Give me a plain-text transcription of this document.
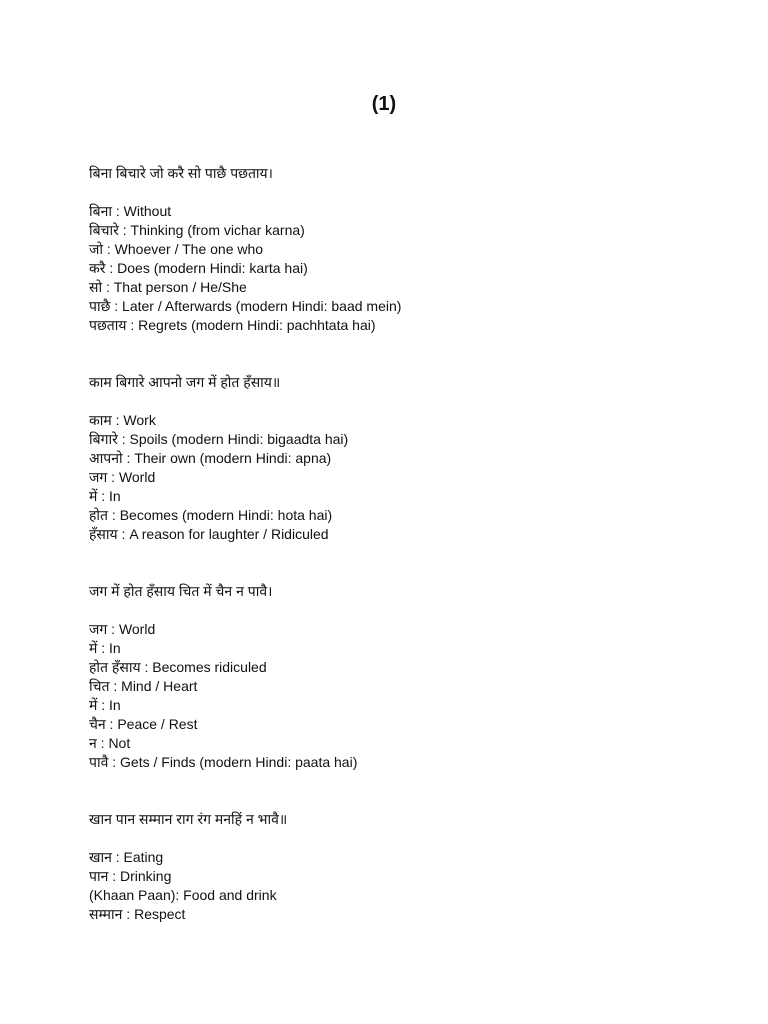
(1)

बिना बिचारे जो करै सो पाछै पछताय।

बिना : Without
बिचारे : Thinking (from vichar karna)
जो : Whoever / The one who
करै : Does (modern Hindi: karta hai)
सो : That person / He/She
पाछै : Later / Afterwards (modern Hindi: baad mein)
पछताय : Regrets (modern Hindi: pachhtata hai)

काम बिगारे आपनो जग में होत हँसाय॥

काम : Work
बिगारे : Spoils (modern Hindi: bigaadta hai)
आपनो : Their own (modern Hindi: apna)
जग : World
में : In
होत : Becomes (modern Hindi: hota hai)
हँसाय : A reason for laughter / Ridiculed

जग में होत हँसाय चित में चैन न पावै।

जग : World
में : In
होत हँसाय : Becomes ridiculed
चित : Mind / Heart
में : In
चैन : Peace / Rest
न : Not
पावै : Gets / Finds (modern Hindi: paata hai)

खान पान सम्मान राग रंग मनहिं न भावै॥

खान : Eating
पान : Drinking
(Khaan Paan): Food and drink
सम्मान : Respect
